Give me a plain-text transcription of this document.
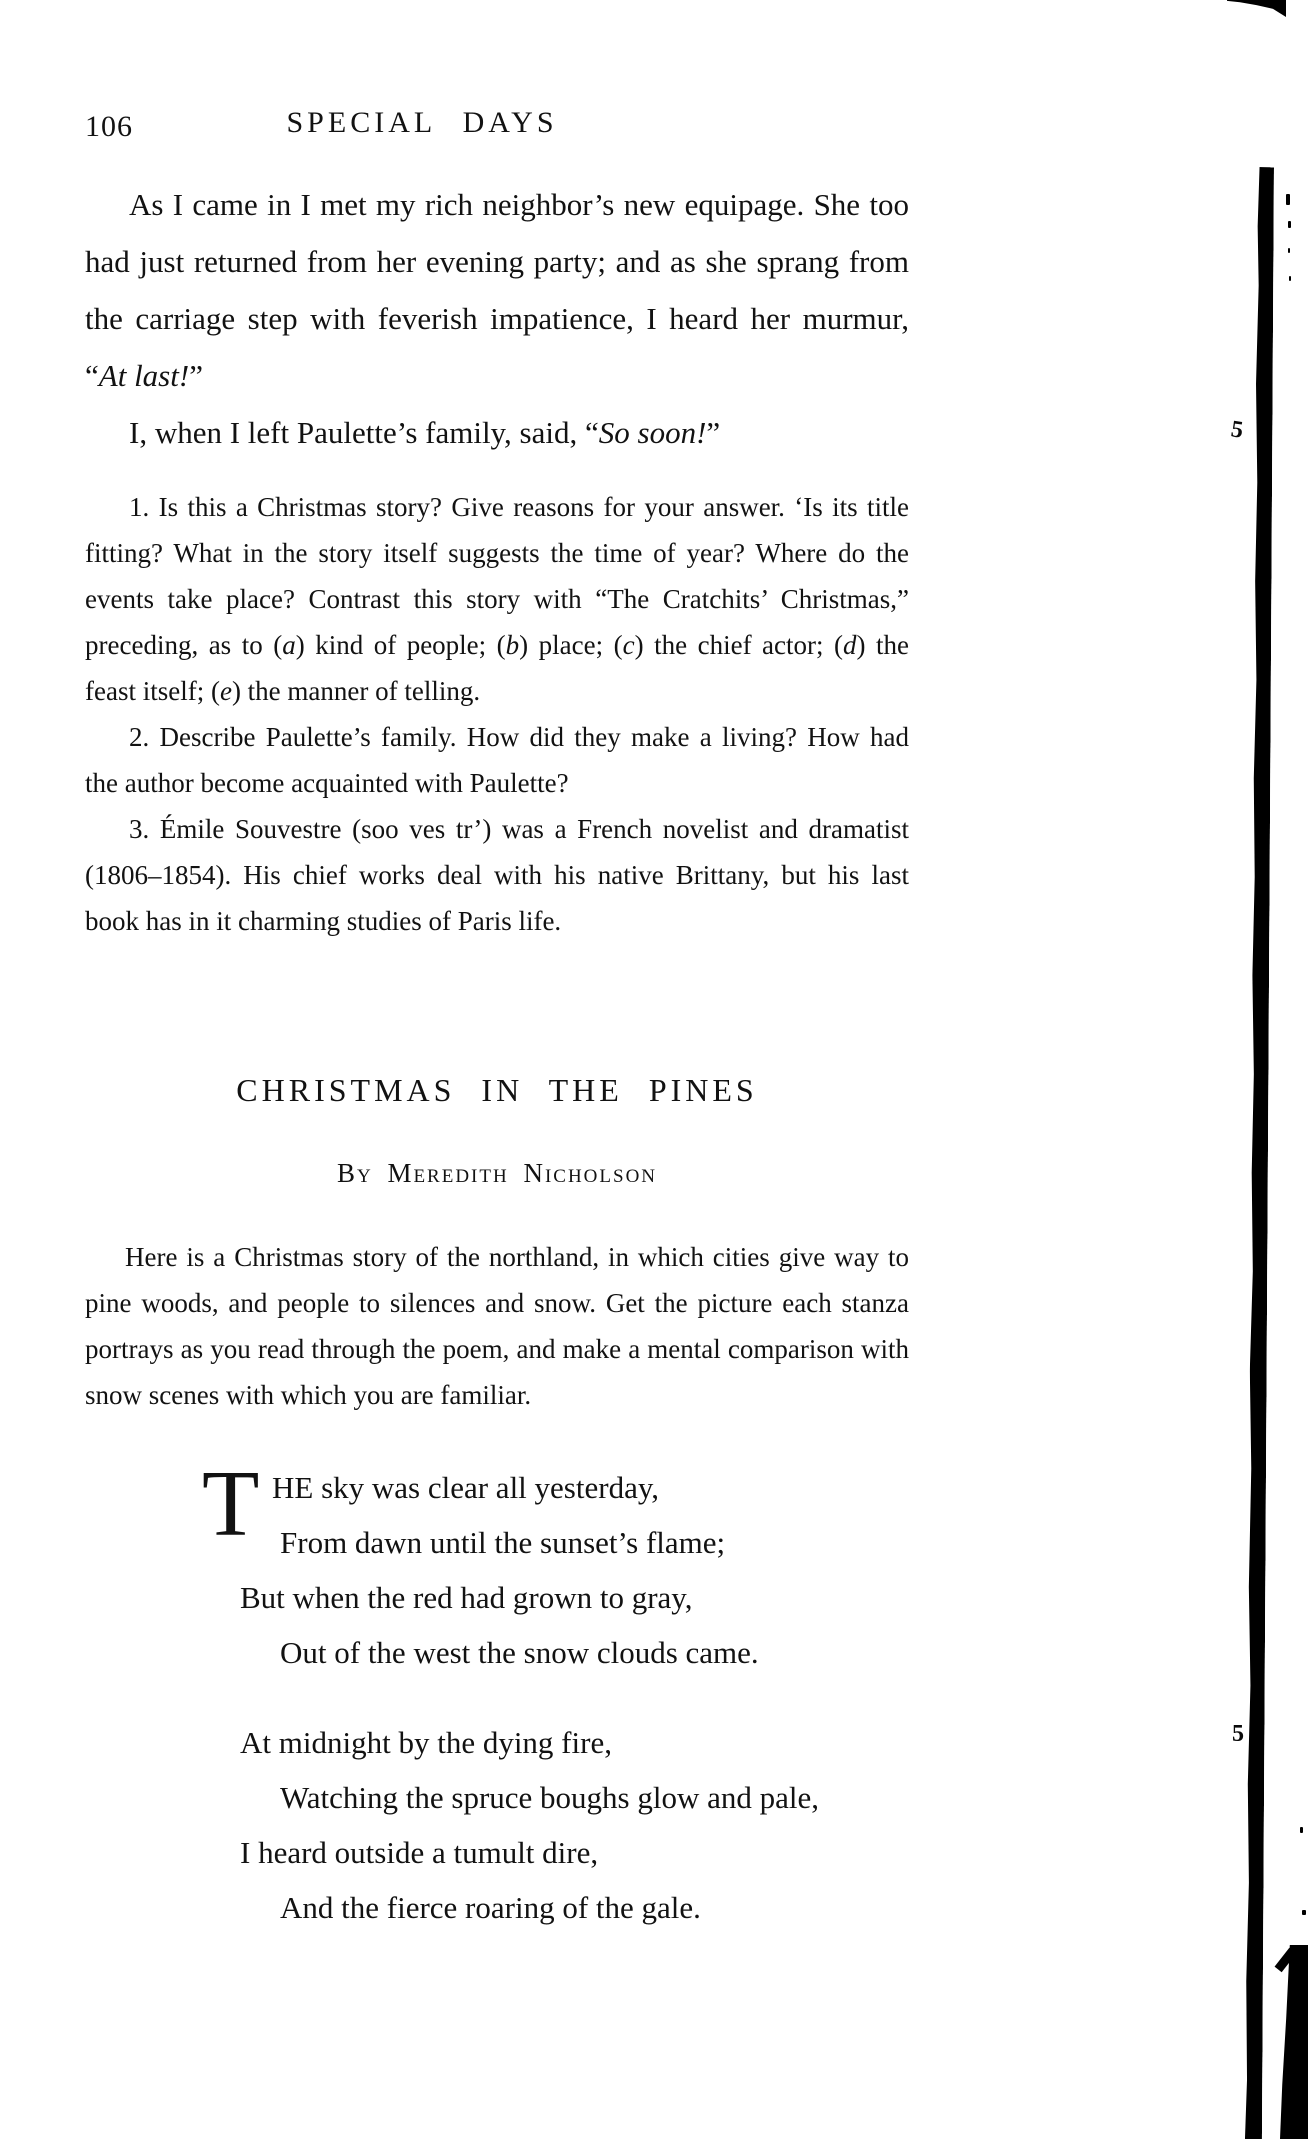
106	SPECIAL DAYS

As I came in I met my rich neighbor’s new equipage. She too had just returned from her evening party; and as she sprang from the carriage step with feverish impatience, I heard her murmur, “At last!”

I, when I left Paulette’s family, said, “So soon!”

1. Is this a Christmas story? Give reasons for your answer. ʻIs its title fitting? What in the story itself suggests the time of year? Where do the events take place? Contrast this story with “The Cratchits’ Christmas,” preceding, as to (a) kind of people; (b) place; (c) the chief actor; (d) the feast itself; (e) the manner of telling.

2. Describe Paulette’s family. How did they make a living? How had the author become acquainted with Paulette?

3. Émile Souvestre (soo ves tr’) was a French novelist and dramatist (1806–1854). His chief works deal with his native Brittany, but his last book has in it charming studies of Paris life.

CHRISTMAS IN THE PINES
By Meredith Nicholson

Here is a Christmas story of the northland, in which cities give way to pine woods, and people to silences and snow. Get the picture each stanza portrays as you read through the poem, and make a mental comparison with snow scenes with which you are familiar.

T HE sky was clear all yesterday,
From dawn until the sunset’s flame;
But when the red had grown to gray,
Out of the west the snow clouds came.
At midnight by the dying fire,
Watching the spruce boughs glow and pale,
I heard outside a tumult dire,
And the fierce roaring of the gale.
5
5
